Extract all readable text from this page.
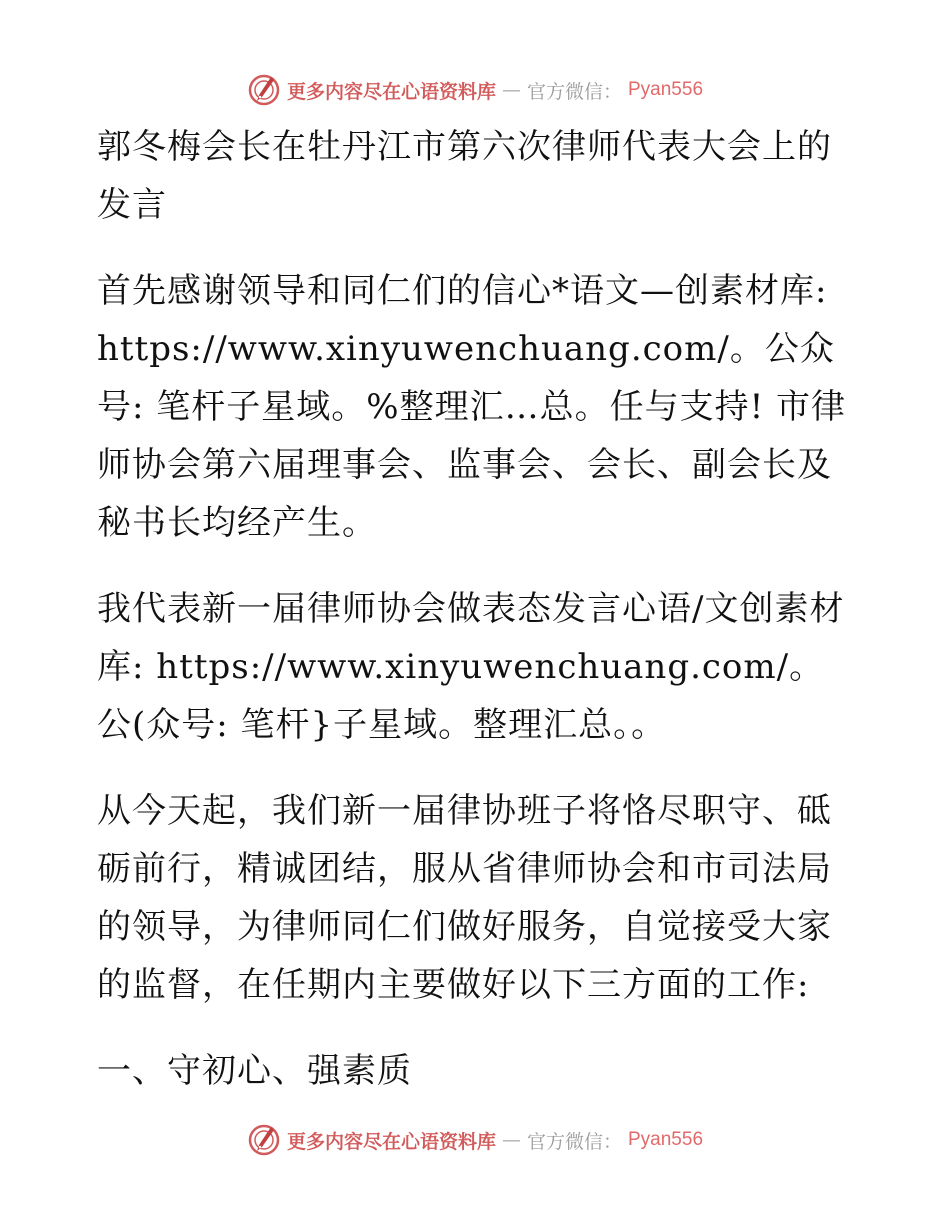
更多内容尽在心语资料库 — 官方微信： Pyan556

郭冬梅会长在牡丹江市第六次律师代表大会上的发言

首先感谢领导和同仁们的信心*语文—创素材库: https://www.xinyuwenchuang.com/。公众号: 笔杆子星域。%整理汇…总。任与支持! 市律师协会第六届理事会、监事会、会长、副会长及秘书长均经产生。

我代表新一届律师协会做表态发言心语/文创素材库: https://www.xinyuwenchuang.com/。公(众号: 笔杆}子星域。整理汇总。。

从今天起，我们新一届律协班子将恪尽职守、砥砺前行，精诚团结，服从省律师协会和市司法局的领导，为律师同仁们做好服务，自觉接受大家的监督，在任期内主要做好以下三方面的工作:

一、守初心、强素质

更多内容尽在心语资料库 — 官方微信： Pyan556
